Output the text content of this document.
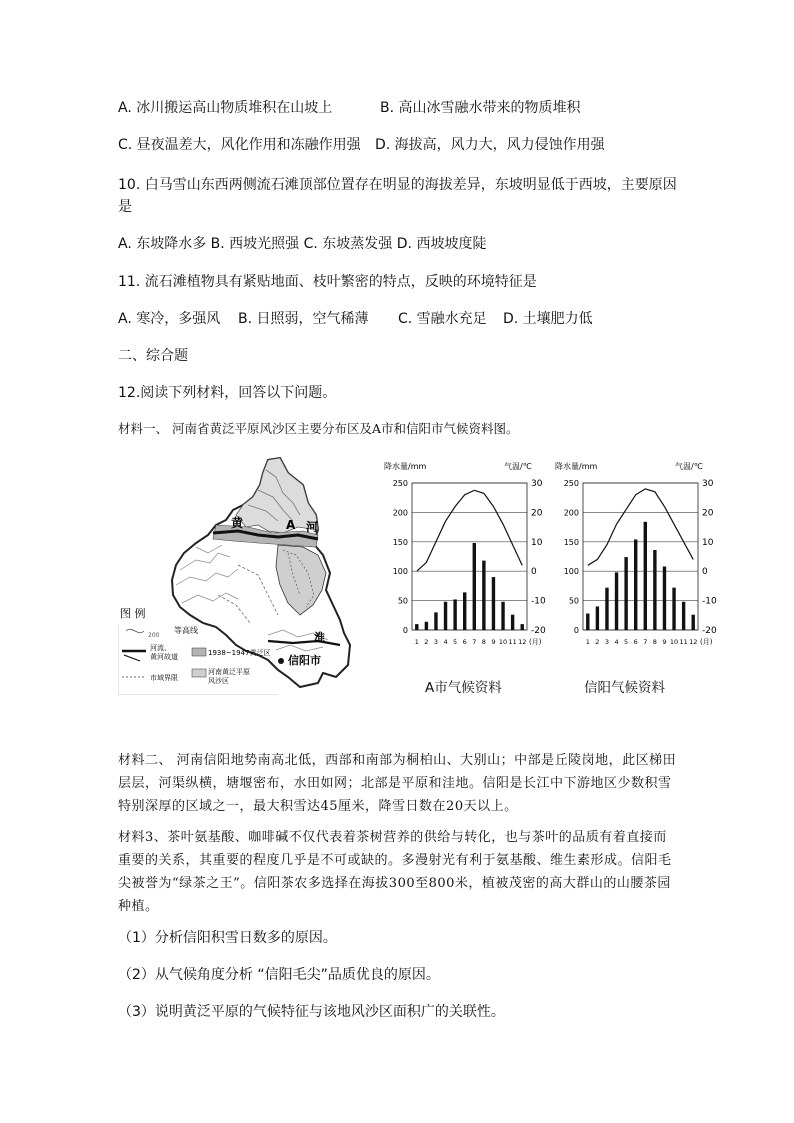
A. 冰川搬运高山物质堆积在山坡上	B. 高山冰雪融水带来的物质堆积
C. 昼夜温差大，风化作用和冻融作用强 D. 海拔高，风力大，风力侵蚀作用强
10. 白马雪山东西两侧流石滩顶部位置存在明显的海拔差异，东坡明显低于西坡，主要原因
是
A. 东坡降水多 B. 西坡光照强 C. 东坡蒸发强 D. 西坡坡度陡
11. 流石滩植物具有紧贴地面、枝叶繁密的特点，反映的环境特征是
A. 寒冷，多强风 B. 日照弱，空气稀薄 C. 雪融水充足 D. 土壤肥力低
二、综合题
12.阅读下列材料，回答以下问题。
材料一、 河南省黄泛平原风沙区主要分布区及A市和信阳市气候资料图。
黄	A 河
淮
信阳市
图 例
200
等高线
河流、
黄河故道	1938~1947黄泛区
市域界限
河南黄泛平原
风沙区
降水量/mm	气温/℃
0
50
100
150
200
250
-20
-10
0
10
20
30
1 2 3 4 5 6 7 8 9 10 11 12 (月)
降水量/mm	气温/℃
0
50
100
150
200
250
-20
-10
0
10
20
30
1 2 3 4 5 6 7 8 9 10 11 12 (月)
A市气候资料	信阳气候资料
材料二、 河南信阳地势南高北低，西部和南部为桐柏山、大别山；中部是丘陵岗地，此区梯田层层，河渠纵横，塘堰密布，水田如网；北部是平原和洼地。信阳是长江中下游地区少数积雪特别深厚的区域之一，最大积雪达45厘米，降雪日数在20天以上。
材料3、茶叶氨基酸、咖啡碱不仅代表着茶树营养的供给与转化，也与茶叶的品质有着直接而重要的关系，其重要的程度几乎是不可或缺的。多漫射光有利于氨基酸、维生素形成。信阳毛尖被誉为“绿茶之王”。信阳茶农多选择在海拔300至800米，植被茂密的高大群山的山腰茶园种植。
（1）分析信阳积雪日数多的原因。
（2）从气候角度分析 “信阳毛尖”品质优良的原因。
（3）说明黄泛平原的气候特征与该地风沙区面积广的关联性。
